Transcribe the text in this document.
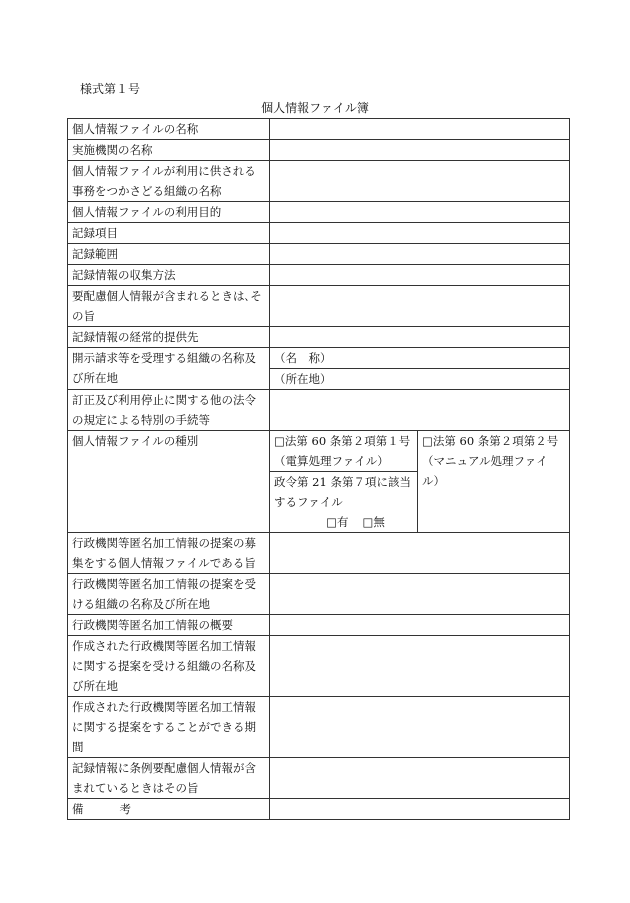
様式第１号
個人情報ファイル簿
個人情報ファイルの名称		
実施機関の名称		
個人情報ファイルが利用に供される事務をつかさどる組織の名称		
個人情報ファイルの利用目的		
記録項目		
記録範囲		
記録情報の収集方法		
要配慮個人情報が含まれるときは､その旨		
記録情報の経常的提供先		
開示請求等を受理する組織の名称及び所在地	（名　称）	
	（所在地）	
訂正及び利用停止に関する他の法令の規定による特別の手続等		
個人情報ファイルの種別	□法第 60 条第２項第１号（電算処理ファイル）	□法第 60 条第２項第２号（マニュアル処理ファイル）

	政令第 21 条第７項に該当するファイル
□有 □無	

行政機関等匿名加工情報の提案の募集をする個人情報ファイルである旨		
行政機関等匿名加工情報の提案を受ける組織の名称及び所在地		
行政機関等匿名加工情報の概要		
作成された行政機関等匿名加工情報に関する提案を受ける組織の名称及び所在地		
作成された行政機関等匿名加工情報に関する提案をすることができる期間		
記録情報に条例要配慮個人情報が含まれているときはその旨		
備 考		
